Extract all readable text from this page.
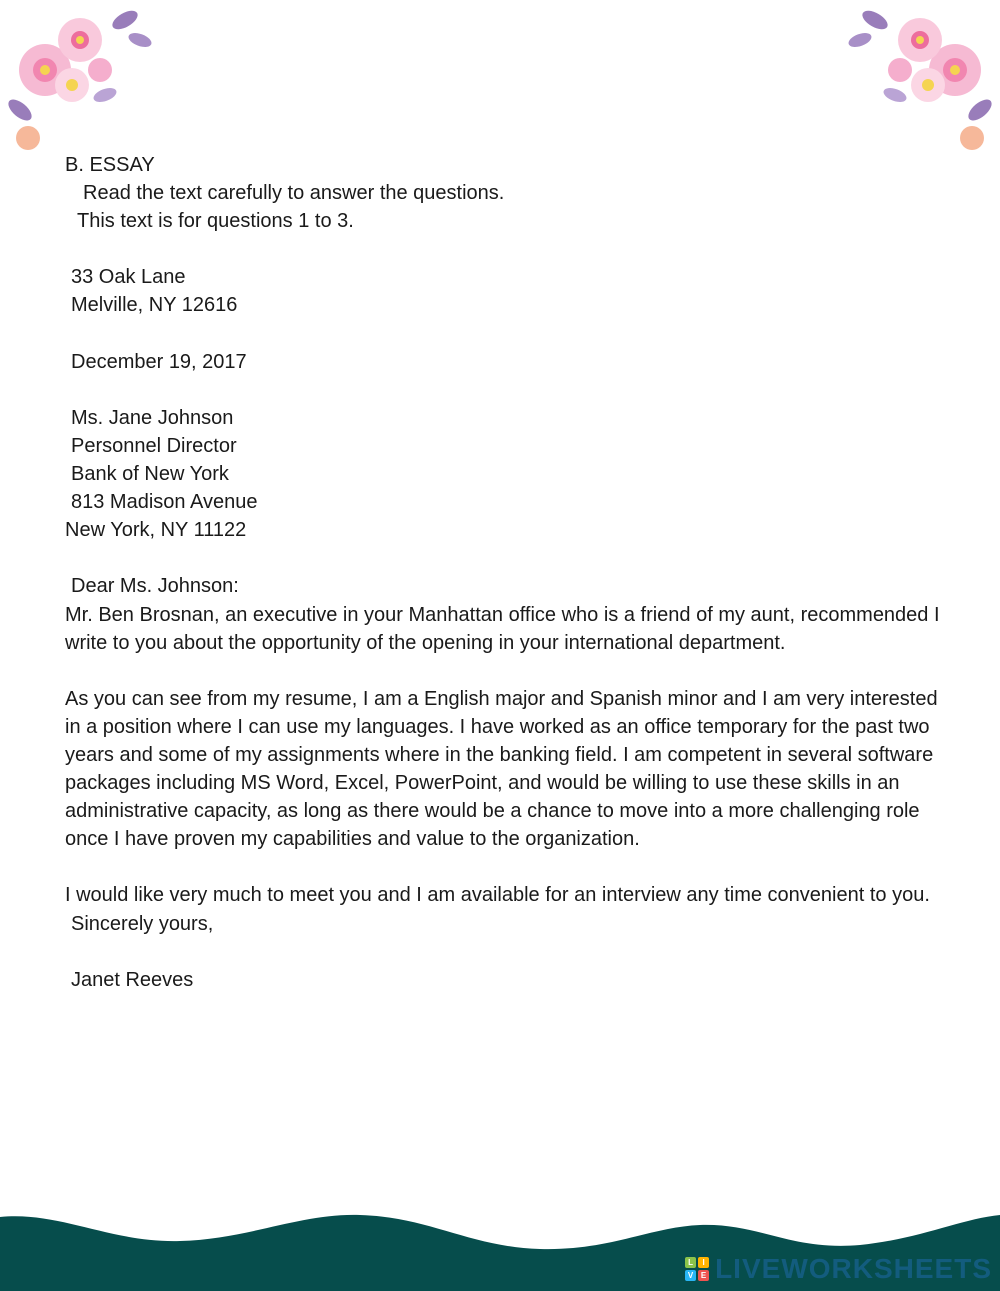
B. ESSAY
Read the text carefully to answer the questions.
This text is for questions 1 to 3.
33 Oak Lane
Melville, NY 12616
December 19, 2017
Ms. Jane Johnson
Personnel Director
Bank of New York
813 Madison Avenue
New York, NY 11122
Dear Ms. Johnson:
Mr. Ben Brosnan, an executive in your Manhattan office who is a friend of my aunt, recommended I write to you about the opportunity of the opening in your international department.
As you can see from my resume, I am a English major and Spanish minor and I am very interested in a position where I can use my languages. I have worked as an office temporary for the past two years and some of my assignments where in the banking field. I am competent in several software packages including MS Word, Excel, PowerPoint, and would be willing to use these skills in an administrative capacity, as long as there would be a chance to move into a more challenging role once I have proven my capabilities and value to the organization.
I would like very much to meet you and I am available for an interview any time convenient to you.
Sincerely yours,
Janet Reeves
L	I
V E LIVEWORKSHEETS
